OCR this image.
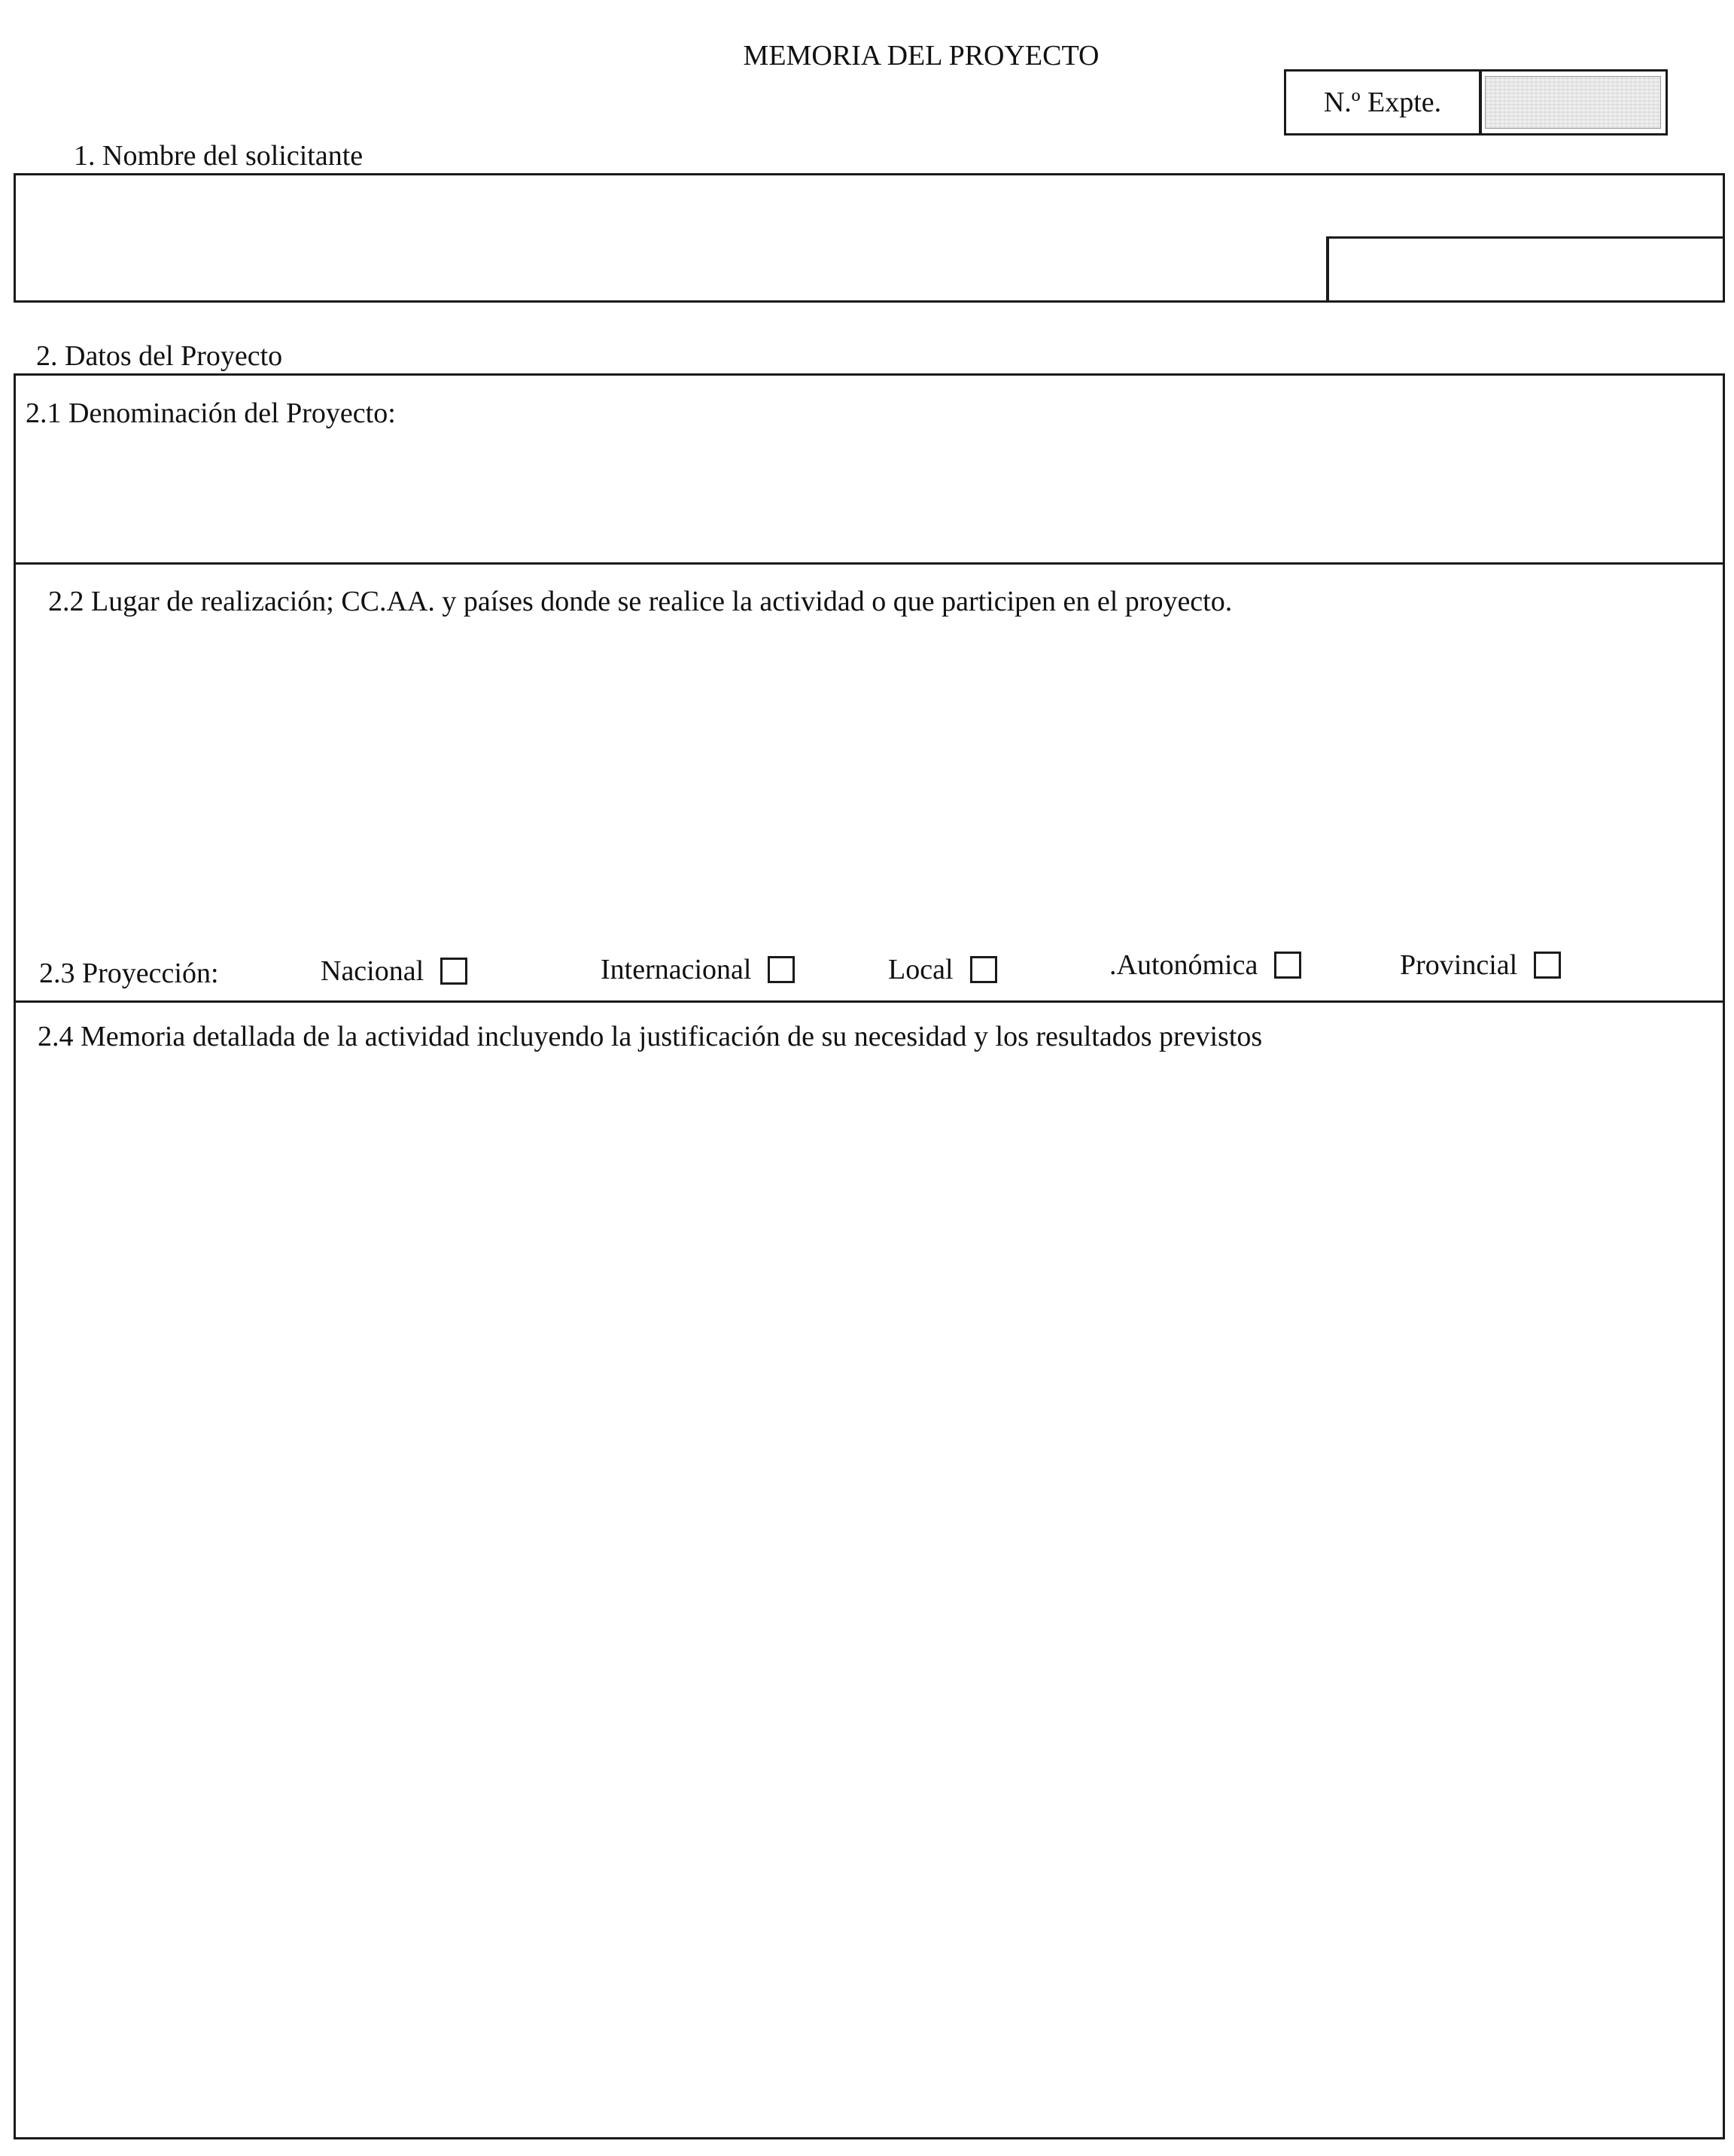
MEMORIA DEL PROYECTO
N.º Expte.
1. Nombre del solicitante
2. Datos del Proyecto
2.1 Denominación del Proyecto:
2.2 Lugar de realización; CC.AA. y países donde se realice la actividad o que participen en el proyecto.
2.3 Proyección:	Nacional	Internacional	Local	.Autonómica	Provincial
2.4 Memoria detallada de la actividad incluyendo la justificación de su necesidad y los resultados previstos
